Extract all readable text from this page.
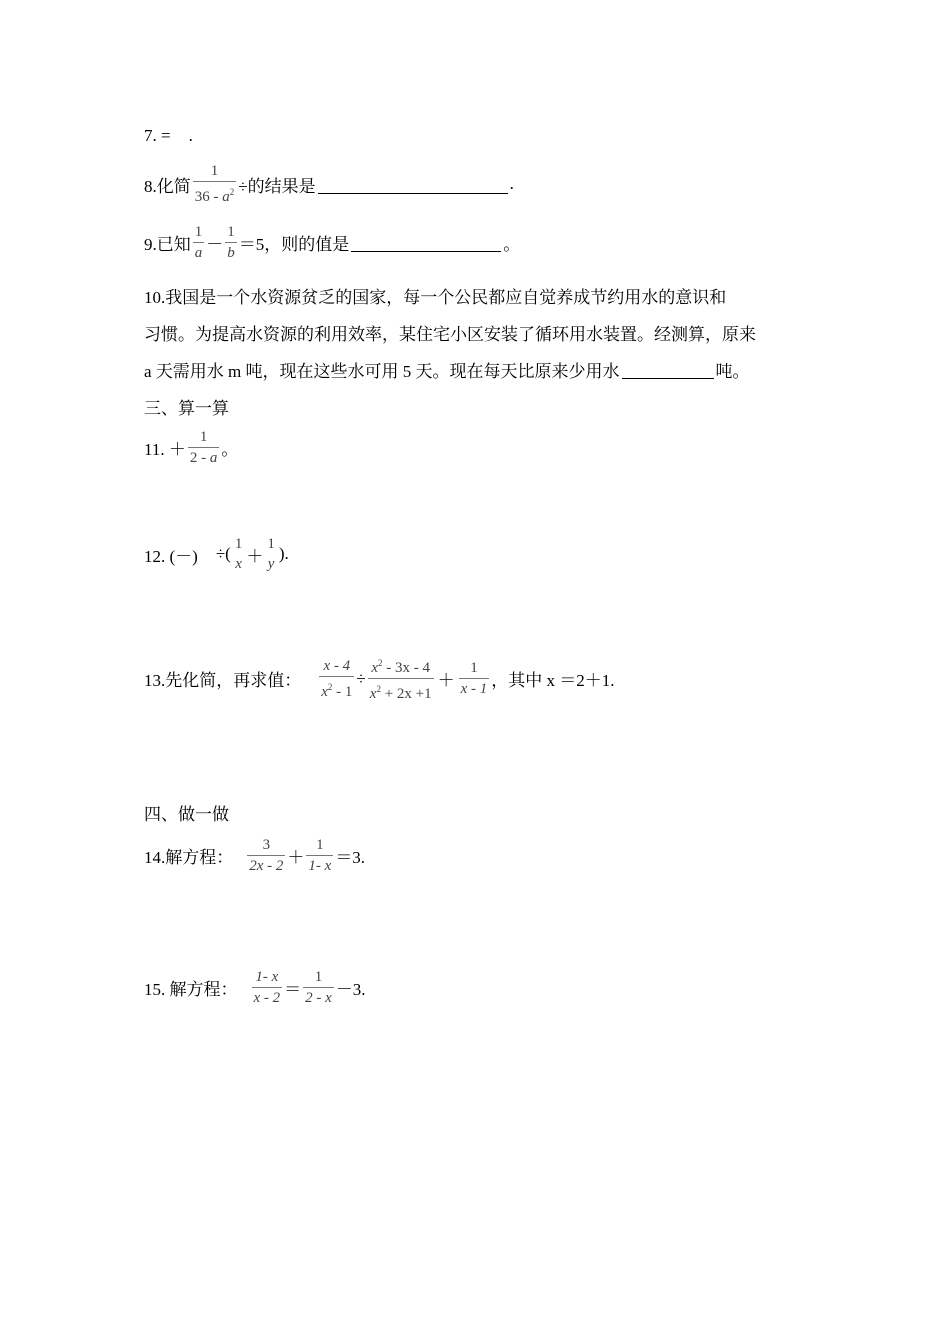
7. = .
8.化简 $\frac{1}{36 - a^2}$ ÷的结果是	.
9.已知 $\frac{1}{a} - \frac{1}{b} =5$，则的值是	。
10.我国是一个水资源贫乏的国家，每一个公民都应自觉养成节约用水的意识和
习惯。为提高水资源的利用效率，某住宅小区安装了循环用水装置。经测算，原来
a 天需用水 m 吨，现在这些水可用 5 天。现在每天比原来少用水	吨。
三、算一算
11. ＋ $\frac{1}{2 - a}$ 。
12. (－) ÷( 1
x ＋
1
y
).
13.先化简，再求值： $\frac{x - 4}{x^2 - 1} \div \frac{x^2 - 3x - 4}{x^2 + 2x +1} + \frac{1}{x - 1}$ ，其中 x ＝2＋1.
四、做一做
14.解方程： $\frac{3}{2x - 2} + \frac{1}{1- x} =3$.
15. 解方程： $\frac{1- x}{x - 2} = \frac{1}{2 - x} -3$.
